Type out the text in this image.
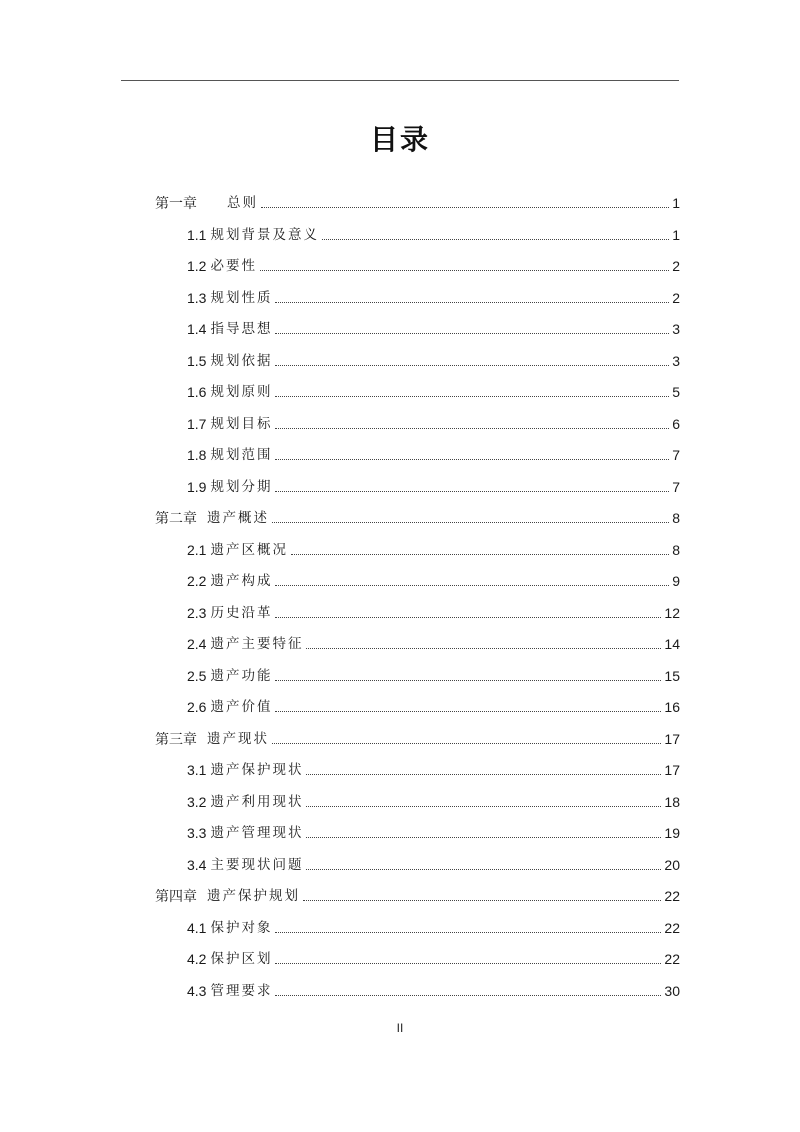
目录
第一章 总则	1
1.1 规划背景及意义	1
1.2 必要性	2
1.3 规划性质	2
1.4 指导思想	3
1.5 规划依据	3
1.6 规划原则	5
1.7 规划目标	6
1.8 规划范围	7
1.9 规划分期	7
第二章 遗产概述	8
2.1 遗产区概况	8
2.2 遗产构成	9
2.3 历史沿革	12
2.4 遗产主要特征	14
2.5 遗产功能	15
2.6 遗产价值	16
第三章 遗产现状	17
3.1 遗产保护现状	17
3.2 遗产利用现状	18
3.3 遗产管理现状	19
3.4 主要现状问题	20
第四章 遗产保护规划	22
4.1 保护对象	22
4.2 保护区划	22
4.3 管理要求	30
II
